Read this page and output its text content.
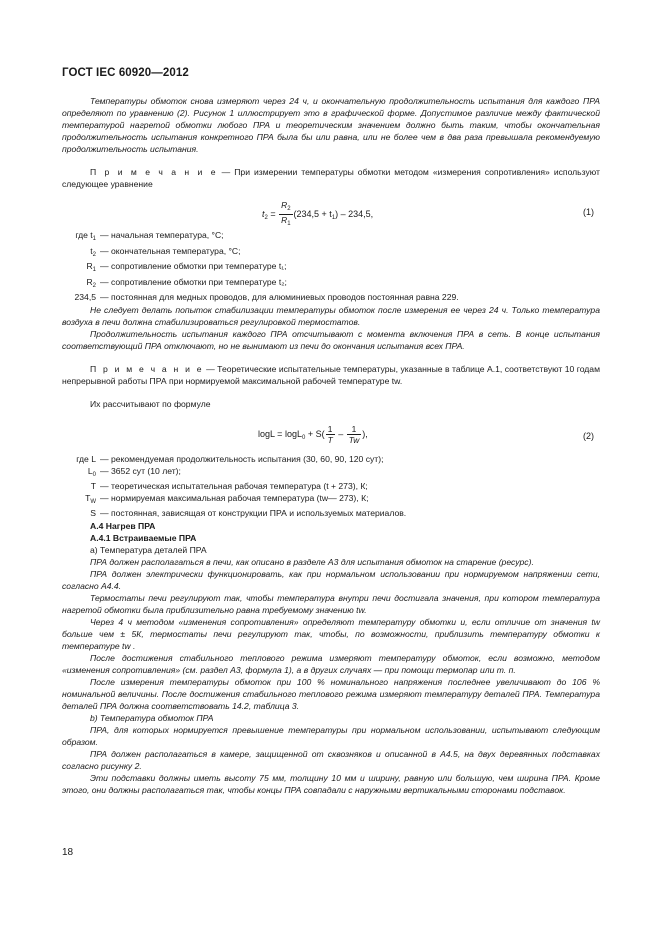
ГОСТ IEC 60920—2012

Температуры обмоток снова измеряют через 24 ч, и окончательную продолжительность испытания для каждого ПРА определяют по уравнению (2). Рисунок 1 иллюстрирует это в графической форме. Допустимое различие между фактической температурой нагретой обмотки любого ПРА и теоретическим значением должно быть таким, чтобы окончательная продолжительность испытания конкретного ПРА была бы или равна, или не более чем в два раза превышала рекомендуемую продолжительность испытания.

П р и м е ч а н и е — При измерении температуры обмотки методом «измерения сопротивления» используют следующее уравнение

$t_2 = \frac{R_2}{R_1} (234,5 + t_1) - 234,5$,	(1)
где $t_1$ — начальная температура, °С;
$t_2$ — окончательная температура, °С;
$R_1$ — сопротивление обмотки при температуре t₁;
$R_2$ — сопротивление обмотки при температуре t₂;
234,5 — постоянная для медных проводов, для алюминиевых проводов постоянная равна 229.

Не следует делать попыток стабилизации температуры обмоток после измерения ее через 24 ч. Только температура воздуха в печи должна стабилизироваться регулировкой термостатов.

Продолжительность испытания каждого ПРА отсчитывают с момента включения ПРА в сеть. В конце испытания соответствующий ПРА отключают, но не вынимают из печи до окончания испытания всех ПРА.

П р и м е ч а н и е — Теоретические испытательные температуры, указанные в таблице А.1, соответствуют 10 годам непрерывной работы ПРА при нормируемой максимальной рабочей температуре tw.

Их рассчитывают по формуле

$\log L = \log L_0 + S( \frac{1}{T} - \frac{1}{Tw}$ ),	(2)
где L — рекомендуемая продолжительность испытания (30, 60, 90, 120 сут);
$L_0$ — 3652 сут (10 лет);
T — теоретическая испытательная рабочая температура (t + 273), К;
$T_W$ — нормируемая максимальная рабочая температура (tw— 273), К;
S — постоянная, зависящая от конструкции ПРА и используемых материалов.

А.4 Нагрев ПРА

А.4.1 Встраиваемые ПРА

а) Температура деталей ПРА

ПРА должен располагаться в печи, как описано в разделе А3 для испытания обмоток на старение (ресурс).

ПРА должен электрически функционировать, как при нормальном использовании при нормируемом напряжении сети, согласно А4.4.

Термостаты печи регулируют так, чтобы температура внутри печи достигала значения, при котором температура нагретой обмотки была приблизительно равна требуемому значению tw.

Через 4 ч методом «изменения сопротивления» определяют температуру обмотки и, если отличие от значения tw больше чем ± 5К, термостаты печи регулируют так, чтобы, по возможности, приблизить температуру обмотки к температуре tw .

После достижения стабильного теплового режима измеряют температуру обмоток, если возможно, методом «изменения сопротивления» (см. раздел А3, формула 1), а в других случаях — при помощи термопар или т. п.

После измерения температуры обмоток при 100 % номинального напряжения последнее увеличивают до 106 % номинальной величины. После достижения стабильного теплового режима измеряют температуру деталей ПРА. Температура деталей ПРА должна соответствовать 14.2, таблица 3.

b) Температура обмоток ПРА

ПРА, для которых нормируется превышение температуры при нормальном использовании, испытывают следующим образом.

ПРА должен располагаться в камере, защищенной от сквозняков и описанной в А4.5, на двух деревянных подставках согласно рисунку 2.

Эти подставки должны иметь высоту 75 мм, толщину 10 мм и ширину, равную или большую, чем ширина ПРА. Кроме этого, они должны располагаться так, чтобы концы ПРА совпадали с наружными вертикальными сторонами подставок.

18
